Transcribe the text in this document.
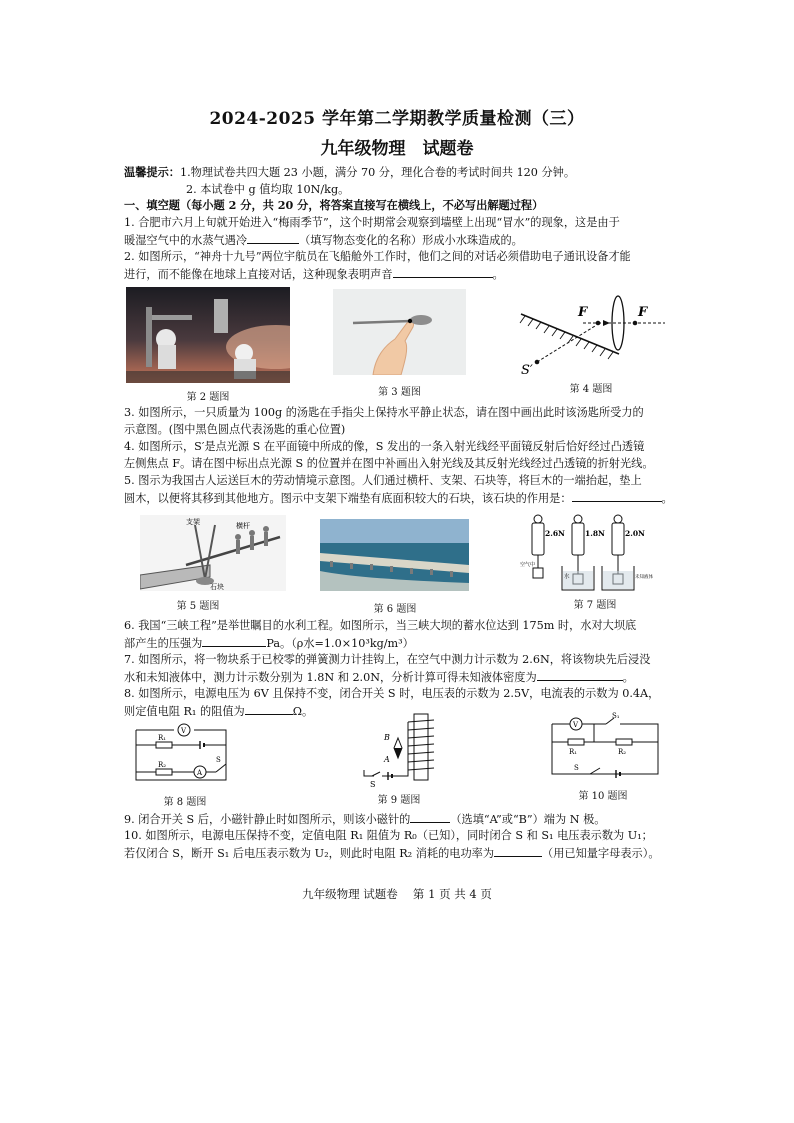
2024-2025 学年第二学期教学质量检测（三）
九年级物理　试题卷
温馨提示：1.物理试卷共四大题 23 小题，满分 70 分，理化合卷的考试时间共 120 分钟。
2. 本试卷中 g 值均取 10N/kg。
一、填空题（每小题 2 分，共 20 分，将答案直接写在横线上，不必写出解题过程）
1. 合肥市六月上旬就开始进入“梅雨季节”，这个时期常会观察到墙壁上出现“冒水”的现象，这是由于
暖湿空气中的水蒸气遇冷	（填写物态变化的名称）形成小水珠造成的。
2. 如图所示，“神舟十九号”两位宇航员在飞船舱外工作时，他们之间的对话必须借助电子通讯设备才能
进行，而不能像在地球上直接对话，这种现象表明声音	。
第 2 题图	第 3 题图
F	F
S′
第 4 题图
3. 如图所示，一只质量为 100g 的汤匙在手指尖上保持水平静止状态，请在图中画出此时该汤匙所受力的
示意图。(图中黑色圆点代表汤匙的重心位置)
4. 如图所示，S′是点光源 S 在平面镜中所成的像，S 发出的一条入射光线经平面镜反射后恰好经过凸透镜
左侧焦点 F。请在图中标出点光源 S 的位置并在图中补画出入射光线及其反射光线经过凸透镜的折射光线。
5. 图示为我国古人运送巨木的劳动情境示意图。人们通过横杆、支架、石块等，将巨木的一端抬起，垫上
圆木，以便将其移到其他地方。图示中支架下端垫有底面积较大的石块，该石块的作用是：	。
支架	横杆
石块
第 5 题图	第 6 题图
2.6N	1.8N	2.0N
空气中
水	未知液体
第 7 题图
6. 我国“三峡工程”是举世瞩目的水利工程。如图所示，当三峡大坝的蓄水位达到 175m 时，水对大坝底
部产生的压强为	Pa。（ρ水=1.0×10³kg/m³）
7. 如图所示，将一物块系于已校零的弹簧测力计挂钩上，在空气中测力计示数为 2.6N，将该物块先后浸没
水和未知液体中，测力计示数分别为 1.8N 和 2.0N，分析计算可得未知液体密度为	。
8. 如图所示，电源电压为 6V 且保持不变，闭合开关 S 时，电压表的示数为 2.5V，电流表的示数为 0.4A，
则定值电阻 R₁ 的阻值为	Ω。
V
A
R₁
R₂
S
第 8 题图
B
A
S
第 9 题图
V
R₁	R₂
S₁
S
第 10 题图
9. 闭合开关 S 后，小磁针静止时如图所示，则该小磁针的	（选填“A”或“B”）端为 N 极。
10. 如图所示，电源电压保持不变，定值电阻 R₁ 阻值为 R₀（已知），同时闭合 S 和 S₁ 电压表示数为 U₁；
若仅闭合 S，断开 S₁ 后电压表示数为 U₂，则此时电阻 R₂ 消耗的电功率为	（用已知量字母表示）。
九年级物理 试题卷　 第 1 页 共 4 页
